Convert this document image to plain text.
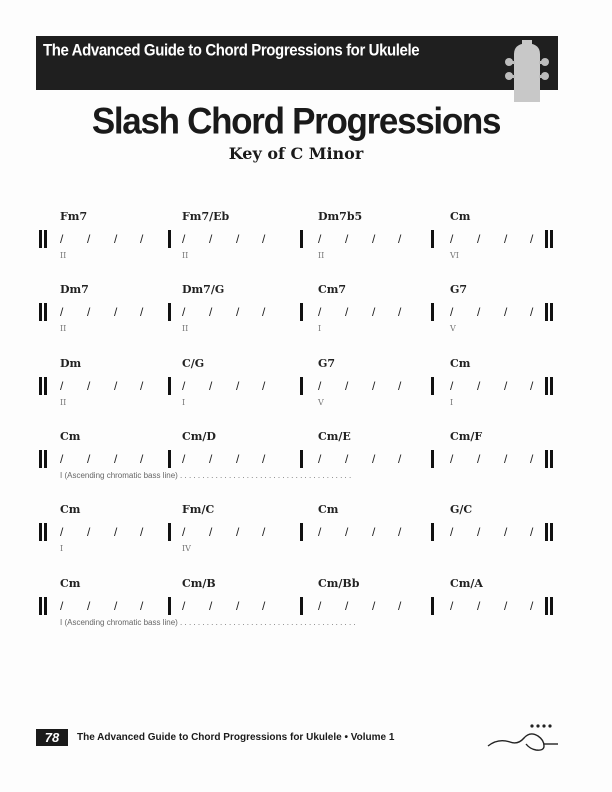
The Advanced Guide to Chord Progressions for Ukulele
Slash Chord Progressions
Key of C Minor
Fm7
/ / / /
II
Fm7/Eb
/ / / /
II
Dm7b5
/ / / /
II
Cm
/ / / /
VI
Dm7
/ / / /
II
Dm7/G
/ / / /
II
Cm7
/ / / /
I
G7
/ / / /
V
Dm
/ / / /
II
C/G
/ / / /
I
G7
/ / / /
V
Cm
/ / / /
I
Cm
/ / / /
Cm/D
/ / / /
Cm/E
/ / / /
Cm/F
/ / / /
I (Ascending chromatic bass line) . . . . . . . . . . . . . . . . . . . . . . . . . . . . . . . . . . . . . . .
Cm
/ / / /
I
Fm/C
/ / / /
IV
Cm
/ / / /
G/C
/ / / /
Cm
/ / / /
Cm/B
/ / / /
Cm/Bb
/ / / /
Cm/A
/ / / /
I (Ascending chromatic bass line) . . . . . . . . . . . . . . . . . . . . . . . . . . . . . . . . . . . . . . . .
78	The Advanced Guide to Chord Progressions for Ukulele • Volume 1
